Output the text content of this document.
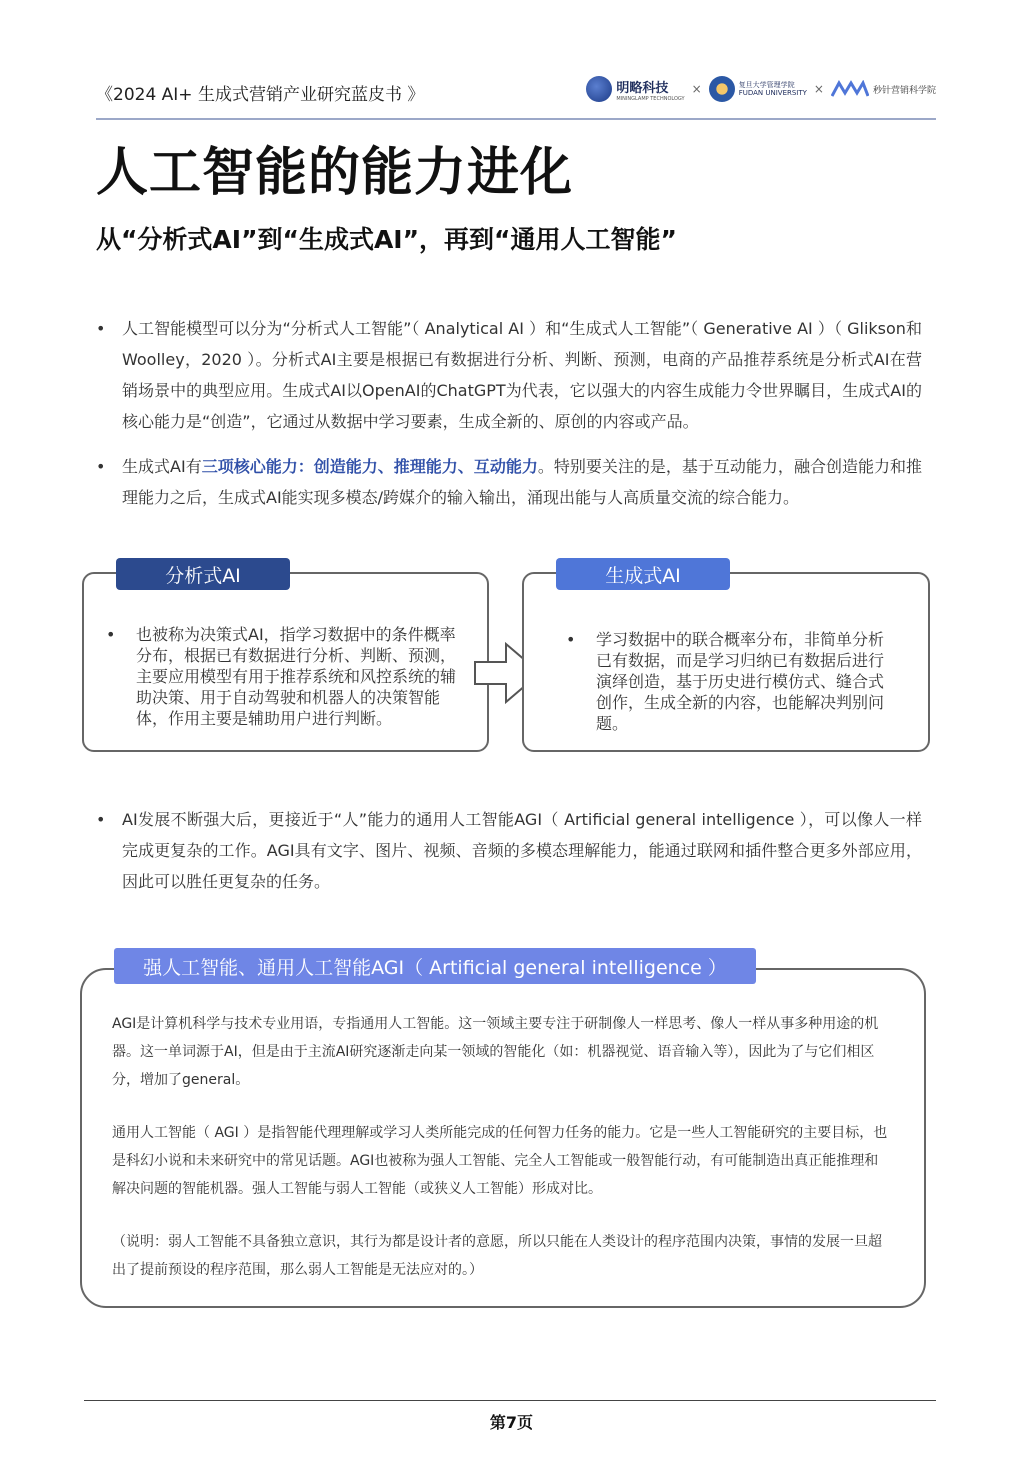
《2024 AI+ 生成式营销产业研究蓝皮书 》	明略科技
MININGLAMP TECHNOLOGY
×	复旦大学管理学院
FUDAN UNIVERSITY ×	秒针营销科学院
人工智能的能力进化
从“分析式AI”到“生成式AI”，再到“通用人工智能”
• 人工智能模型可以分为“分析式人工智能”（ Analytical AI ）和“生成式人工智能”（ Generative AI ）（ Glikson和Woolley，2020 ）。分析式AI主要是根据已有数据进行分析、判断、预测，电商的产品推荐系统是分析式AI在营销场景中的典型应用。生成式AI以OpenAI的ChatGPT为代表，它以强大的内容生成能力令世界瞩目，生成式AI的核心能力是“创造”，它通过从数据中学习要素，生成全新的、原创的内容或产品。
• 生成式AI有三项核心能力：创造能力、推理能力、互动能力。特别要关注的是，基于互动能力，融合创造能力和推理能力之后，生成式AI能实现多模态/跨媒介的输入输出，涌现出能与人高质量交流的综合能力。
分析式AI
• 也被称为决策式AI，指学习数据中的条件概率分布，根据已有数据进行分析、判断、预测，主要应用模型有用于推荐系统和风控系统的辅助决策、用于自动驾驶和机器人的决策智能体，作用主要是辅助用户进行判断。
生成式AI
• 学习数据中的联合概率分布，非简单分析已有数据，而是学习归纳已有数据后进行演绎创造，基于历史进行模仿式、缝合式创作，生成全新的内容，也能解决判别问题。
• AI发展不断强大后，更接近于“人”能力的通用人工智能AGI（ Artificial general intelligence ），可以像人一样完成更复杂的工作。AGI具有文字、图片、视频、音频的多模态理解能力，能通过联网和插件整合更多外部应用，因此可以胜任更复杂的任务。
强人工智能、通用人工智能AGI（ Artificial general intelligence ）
AGI是计算机科学与技术专业用语，专指通用人工智能。这一领域主要专注于研制像人一样思考、像人一样从事多种用途的机器。这一单词源于AI，但是由于主流AI研究逐渐走向某一领域的智能化（如：机器视觉、语音输入等），因此为了与它们相区分，增加了general。
通用人工智能（ AGI ）是指智能代理理解或学习人类所能完成的任何智力任务的能力。它是一些人工智能研究的主要目标，也是科幻小说和未来研究中的常见话题。AGI也被称为强人工智能、完全人工智能或一般智能行动，有可能制造出真正能推理和解决问题的智能机器。强人工智能与弱人工智能（或狭义人工智能）形成对比。
（说明：弱人工智能不具备独立意识，其行为都是设计者的意愿，所以只能在人类设计的程序范围内决策，事情的发展一旦超出了提前预设的程序范围，那么弱人工智能是无法应对的。）
第7页
